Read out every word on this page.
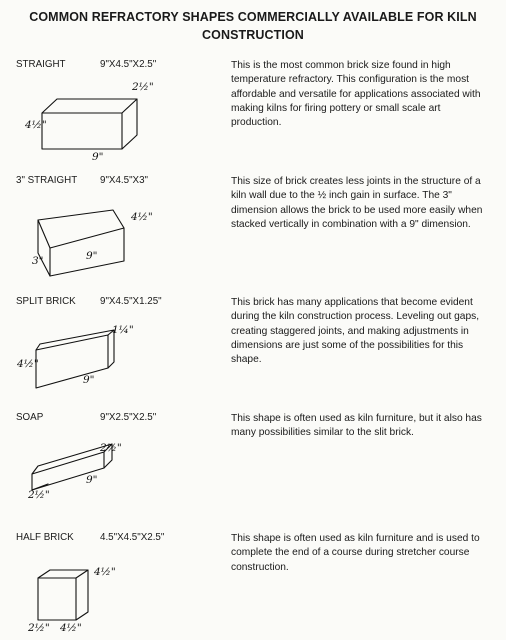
COMMON REFRACTORY SHAPES COMMERCIALLY AVAILABLE FOR KILN CONSTRUCTION
STRAIGHT	9"X4.5"X2.5"	This is the most common brick size found in high temperature refractory. This configuration is the most affordable and versatile for applications associated with making kilns for firing pottery or small scale art production.
2½"
4½"
9"
3" STRAIGHT 9"X4.5"X3"	This size of brick creates less joints in the structure of a kiln wall due to the ½ inch gain in surface. The 3" dimension allows the brick to be used more easily when stacked vertically in combination with a 9" dimension.
4½"
3"	9"
SPLIT BRICK 9"X4.5"X1.25"	This brick has many applications that become evident during the kiln construction process. Leveling out gaps, creating staggered joints, and making adjustments in dimensions are just some of the possibilities for this shape.
1¼"
4½"
9"
SOAP	9"X2.5"X2.5"	This shape is often used as kiln furniture, but it also has many possibilities similar to the slit brick.
2½"
2½"
9"
HALF BRICK	4.5"X4.5"X2.5"	This shape is often used as kiln furniture and is used to complete the end of a course during stretcher course construction.
4½"
2½" 4½"
